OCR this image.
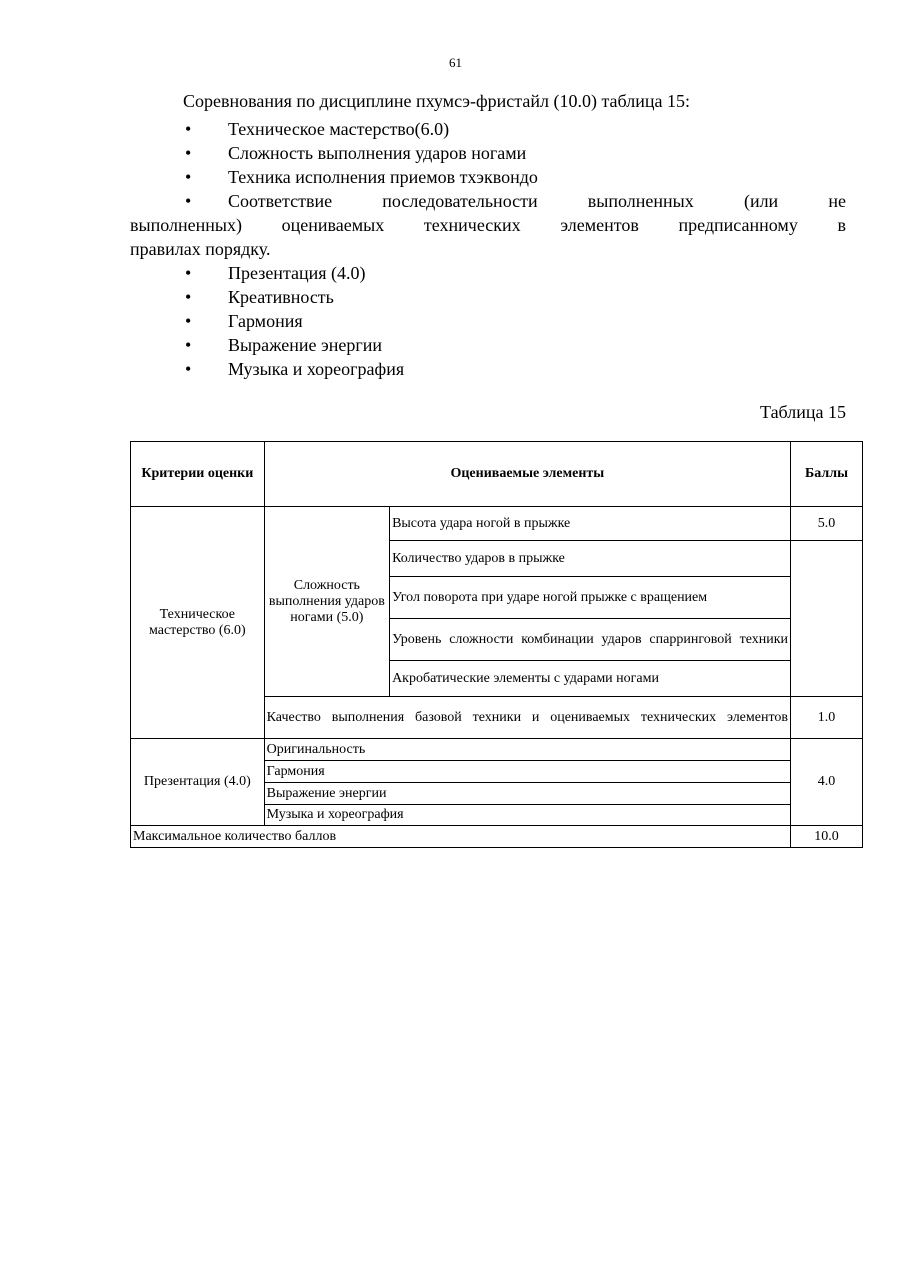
61
Соревнования по дисциплине пхумсэ-фристайл (10.0) таблица 15:
• Техническое мастерство(6.0)
• Сложность выполнения ударов ногами
• Техника исполнения приемов тхэквондо
•	Соответствие последовательности выполненных (или не
выполненных) оцениваемых технических элементов предписанному в
правилах порядку.
• Презентация (4.0)
• Креативность
• Гармония
• Выражение энергии
• Музыка и хореография
Таблица 15
Критерии оценки	Оцениваемые элементы		Баллы
Техническое мастерство (6.0)	Сложность выполнения ударов ногами (5.0)	Высота удара ногой в прыжке	5.0
		Количество ударов в прыжке	
		Угол поворота при ударе ногой прыжке с вращением	
		Уровень сложности комбинации ударов спарринговой техники	
		Акробатические элементы с ударами ногами	
	Качество выполнения базовой техники и оцениваемых технических элементов		1.0
Презентация (4.0)	Оригинальность		4.0
	Гармония		
	Выражение энергии		
	Музыка и хореография		
Максимальное количество баллов			10.0
